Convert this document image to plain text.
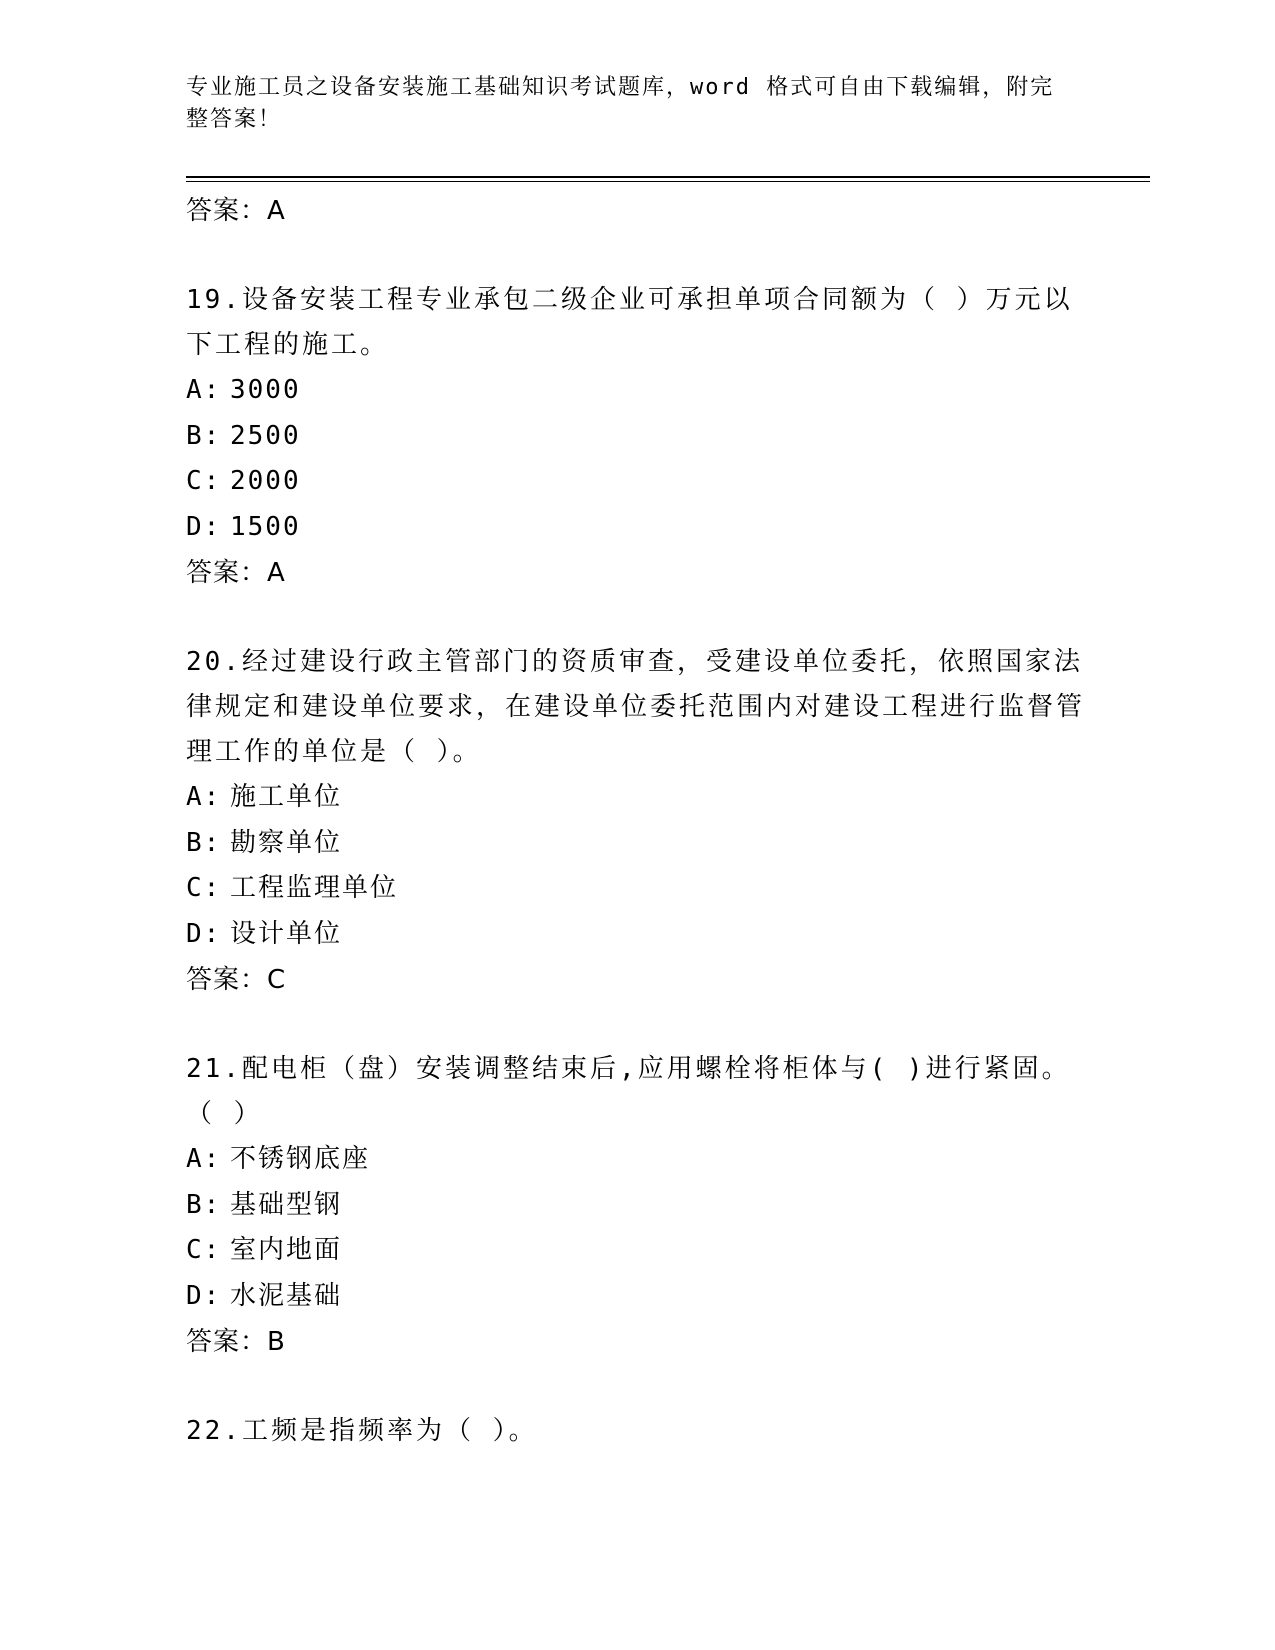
专业施工员之设备安装施工基础知识考试题库，word 格式可自由下载编辑，附完整答案！
答案：A
19.设备安装工程专业承包二级企业可承担单项合同额为（ ）万元以下工程的施工。
A: 3000
B: 2500
C: 2000
D: 1500
答案：A
20.经过建设行政主管部门的资质审查，受建设单位委托，依照国家法律规定和建设单位要求，在建设单位委托范围内对建设工程进行监督管理工作的单位是（ ）。
A: 施工单位
B: 勘察单位
C: 工程监理单位
D: 设计单位
答案：C
21.配电柜（盘）安装调整结束后,应用螺栓将柜体与( )进行紧固。（ ）
A: 不锈钢底座
B: 基础型钢
C: 室内地面
D: 水泥基础
答案：B
22.工频是指频率为（ ）。
